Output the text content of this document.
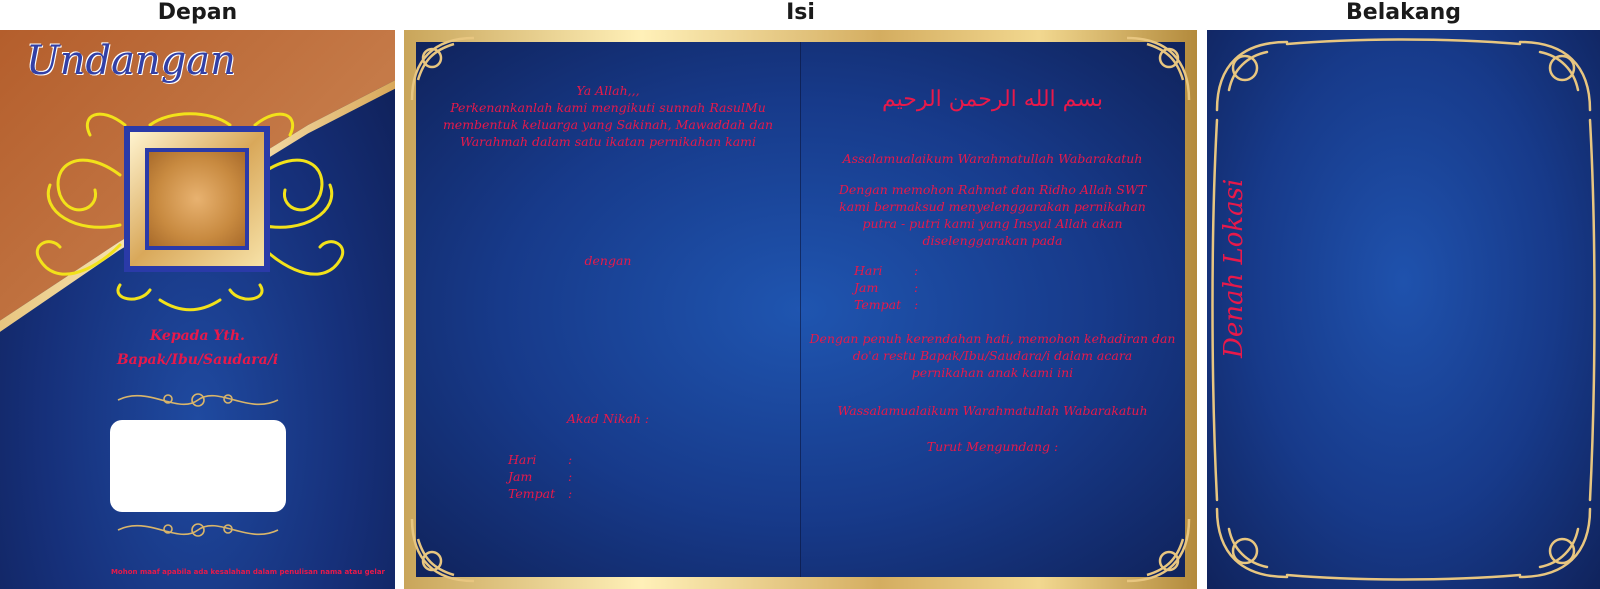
Depan	Isi	Belakang
Undangan
Kepada Yth.
Bapak/Ibu/Saudara/i
Mohon maaf apabila ada kesalahan dalam penulisan nama atau gelar
Ya Allah,,,
Perkenankanlah kami mengikuti sunnah RasulMu
membentuk keluarga yang Sakinah, Mawaddah dan
Warahmah dalam satu ikatan pernikahan kami
dengan
Akad Nikah :
Hari	:
Jam	:
Tempat :
بسم الله الرحمن الرحيم
Assalamualaikum Warahmatullah Wabarakatuh
Dengan memohon Rahmat dan Ridho Allah SWT
kami bermaksud menyelenggarakan pernikahan
putra - putri kami yang Insyal Allah akan
diselenggarakan pada
Hari	:
Jam	:
Tempat :
Dengan penuh kerendahan hati, memohon kehadiran dan
do'a restu Bapak/Ibu/Saudara/i dalam acara
pernikahan anak kami ini
Wassalamualaikum Warahmatullah Wabarakatuh
Turut Mengundang :
Denah Lokasi
